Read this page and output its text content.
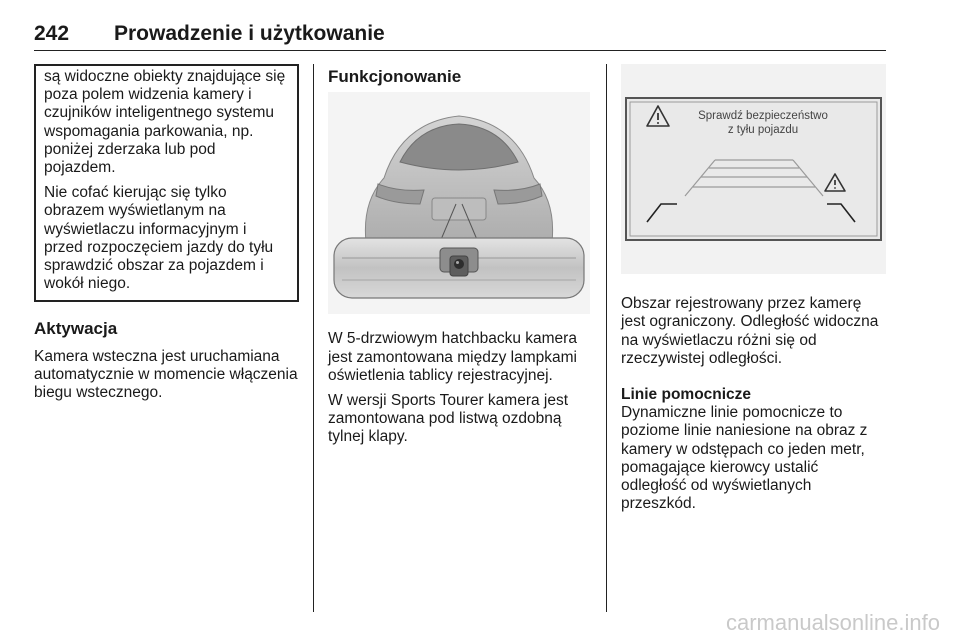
242 Prowadzenie i użytkowanie

są widoczne obiekty znajdujące się poza polem widzenia kamery i czujników inteligentnego systemu wspomagania parkowania, np. poniżej zderzaka lub pod pojazdem.

Nie cofać kierując się tylko obrazem wyświetlanym na wyświetlaczu informacyjnym i przed rozpoczęciem jazdy do tyłu sprawdzić obszar za pojazdem i wokół niego.

Aktywacja

Kamera wsteczna jest uruchamiana automatycznie w momencie włączenia biegu wstecznego.

Funkcjonowanie

W 5-drzwiowym hatchbacku kamera jest zamontowana między lampkami oświetlenia tablicy rejestracyjnej.

W wersji Sports Tourer kamera jest zamontowana pod listwą ozdobną tylnej klapy.

Sprawdź bezpieczeństwo
z tyłu pojazdu

Obszar rejestrowany przez kamerę jest ograniczony. Odległość widoczna na wyświetlaczu różni się od rzeczywistej odległości.

Linie pomocnicze

Dynamiczne linie pomocnicze to poziome linie naniesione na obraz z kamery w odstępach co jeden metr, pomagające kierowcy ustalić odległość od wyświetlanych przeszkód.

carmanualsonline.info
